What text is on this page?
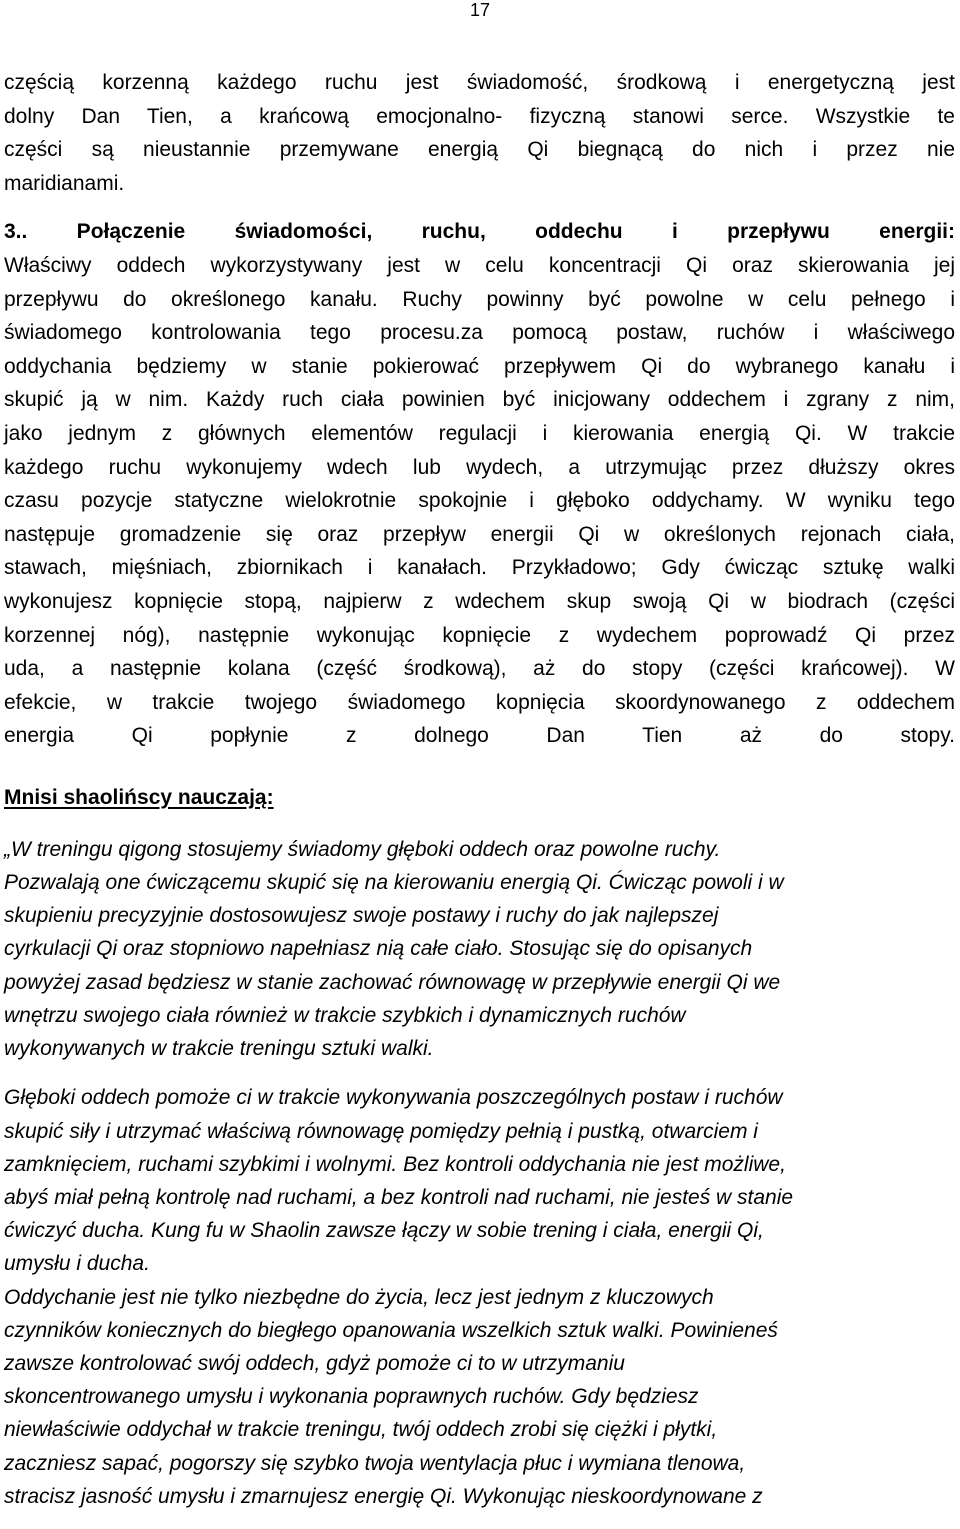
17

częścią korzenną każdego ruchu jest świadomość, środkową i energetyczną jest

dolny Dan Tien, a krańcową emocjonalno- fizyczną stanowi serce. Wszystkie te

części są nieustannie przemywane energią Qi biegnącą do nich i przez nie

maridianami.

3.. Połączenie świadomości, ruchu, oddechu i przepływu energii:

Właściwy oddech wykorzystywany jest w celu koncentracji Qi oraz skierowania jej

przepływu do określonego kanału. Ruchy powinny być powolne w celu pełnego i

świadomego kontrolowania tego procesu.za pomocą postaw, ruchów i właściwego

oddychania będziemy w stanie pokierować przepływem Qi do wybranego kanału i

skupić ją w nim. Każdy ruch ciała powinien być inicjowany oddechem i zgrany z nim,

jako jednym z głównych elementów regulacji i kierowania energią Qi. W trakcie

każdego ruchu wykonujemy wdech lub wydech, a utrzymując przez dłuższy okres

czasu pozycje statyczne wielokrotnie spokojnie i głęboko oddychamy. W wyniku tego

następuje gromadzenie się oraz przepływ energii Qi w określonych rejonach ciała,

stawach, mięśniach, zbiornikach i kanałach. Przykładowo; Gdy ćwicząc sztukę walki

wykonujesz kopnięcie stopą, najpierw z wdechem skup swoją Qi w biodrach (części

korzennej nóg), następnie wykonując kopnięcie z wydechem poprowadź Qi przez

uda, a następnie kolana (część środkową), aż do stopy (części krańcowej). W

efekcie, w trakcie twojego świadomego kopnięcia skoordynowanego z oddechem

energia Qi popłynie z dolnego Dan Tien aż do stopy.

Mnisi shaolińscy nauczają:

„W treningu qigong stosujemy świadomy głęboki oddech oraz powolne ruchy.

Pozwalają one ćwiczącemu skupić się na kierowaniu energią Qi. Ćwicząc powoli i w

skupieniu precyzyjnie dostosowujesz swoje postawy i ruchy do jak najlepszej

cyrkulacji Qi oraz stopniowo napełniasz nią całe ciało. Stosując się do opisanych

powyżej zasad będziesz w stanie zachować równowagę w przepływie energii Qi we

wnętrzu swojego ciała również w trakcie szybkich i dynamicznych ruchów

wykonywanych w trakcie treningu sztuki walki.

Głęboki oddech pomoże ci w trakcie wykonywania poszczególnych postaw i ruchów

skupić siły i utrzymać właściwą równowagę pomiędzy pełnią i pustką, otwarciem i

zamknięciem, ruchami szybkimi i wolnymi. Bez kontroli oddychania nie jest możliwe,

abyś miał pełną kontrolę nad ruchami, a bez kontroli nad ruchami, nie jesteś w stanie

ćwiczyć ducha. Kung fu w Shaolin zawsze łączy w sobie trening i ciała, energii Qi,

umysłu i ducha.

Oddychanie jest nie tylko niezbędne do życia, lecz jest jednym z kluczowych

czynników koniecznych do biegłego opanowania wszelkich sztuk walki. Powinieneś

zawsze kontrolować swój oddech, gdyż pomoże ci to w utrzymaniu

skoncentrowanego umysłu i wykonania poprawnych ruchów. Gdy będziesz

niewłaściwie oddychał w trakcie treningu, twój oddech zrobi się ciężki i płytki,

zaczniesz sapać, pogorszy się szybko twoja wentylacja płuc i wymiana tlenowa,

stracisz jasność umysłu i zmarnujesz energię Qi. Wykonując nieskoordynowane z
